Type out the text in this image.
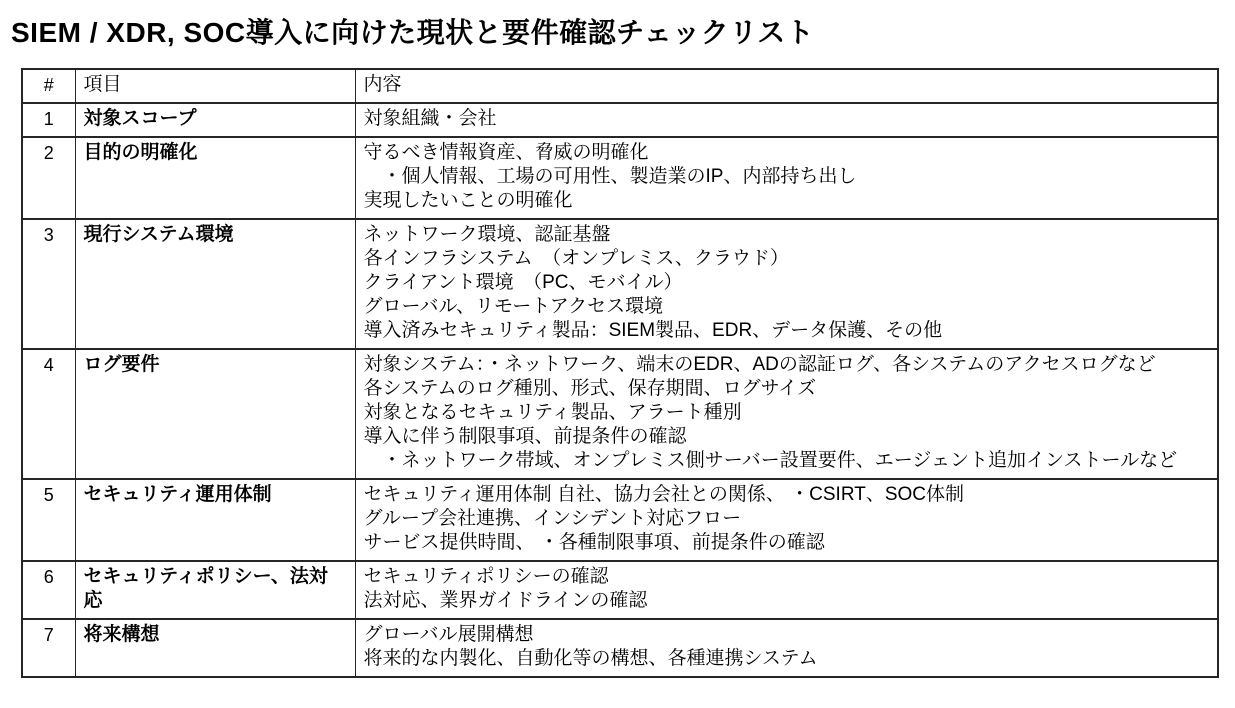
SIEM / XDR, SOC導入に向けた現状と要件確認チェックリスト
#	項目	内容
1	対象スコープ	対象組織・会社

2	目的の明確化	守るべき情報資産、脅威の明確化
　・個人情報、工場の可用性、製造業のIP、内部持ち出し
実現したいことの明確化

3	現行システム環境	ネットワーク環境、認証基盤
各インフラシステム　（オンプレミス、クラウド）
クライアント環境　（PC、モバイル）
グローバル、リモートアクセス環境
導入済みセキュリティ製品：SIEM製品、EDR、データ保護、その他

4	ログ要件	対象システム：・ネットワーク、端末のEDR、ADの認証ログ、各システムのアクセスログなど
各システムのログ種別、形式、保存期間、ログサイズ
対象となるセキュリティ製品、アラート種別
導入に伴う制限事項、前提条件の確認
　・ネットワーク帯域、オンプレミス側サーバー設置要件、エージェント追加インストールなど

5	セキュリティ運用体制	セキュリティ運用体制 自社、協力会社との関係、 ・CSIRT、SOC体制
グループ会社連携、インシデント対応フロー
サービス提供時間、 ・各種制限事項、前提条件の確認

6	セキュリティポリシー、法対応	セキュリティポリシーの確認
法対応、業界ガイドラインの確認

7	将来構想	グローバル展開構想
将来的な内製化、自動化等の構想、各種連携システム
